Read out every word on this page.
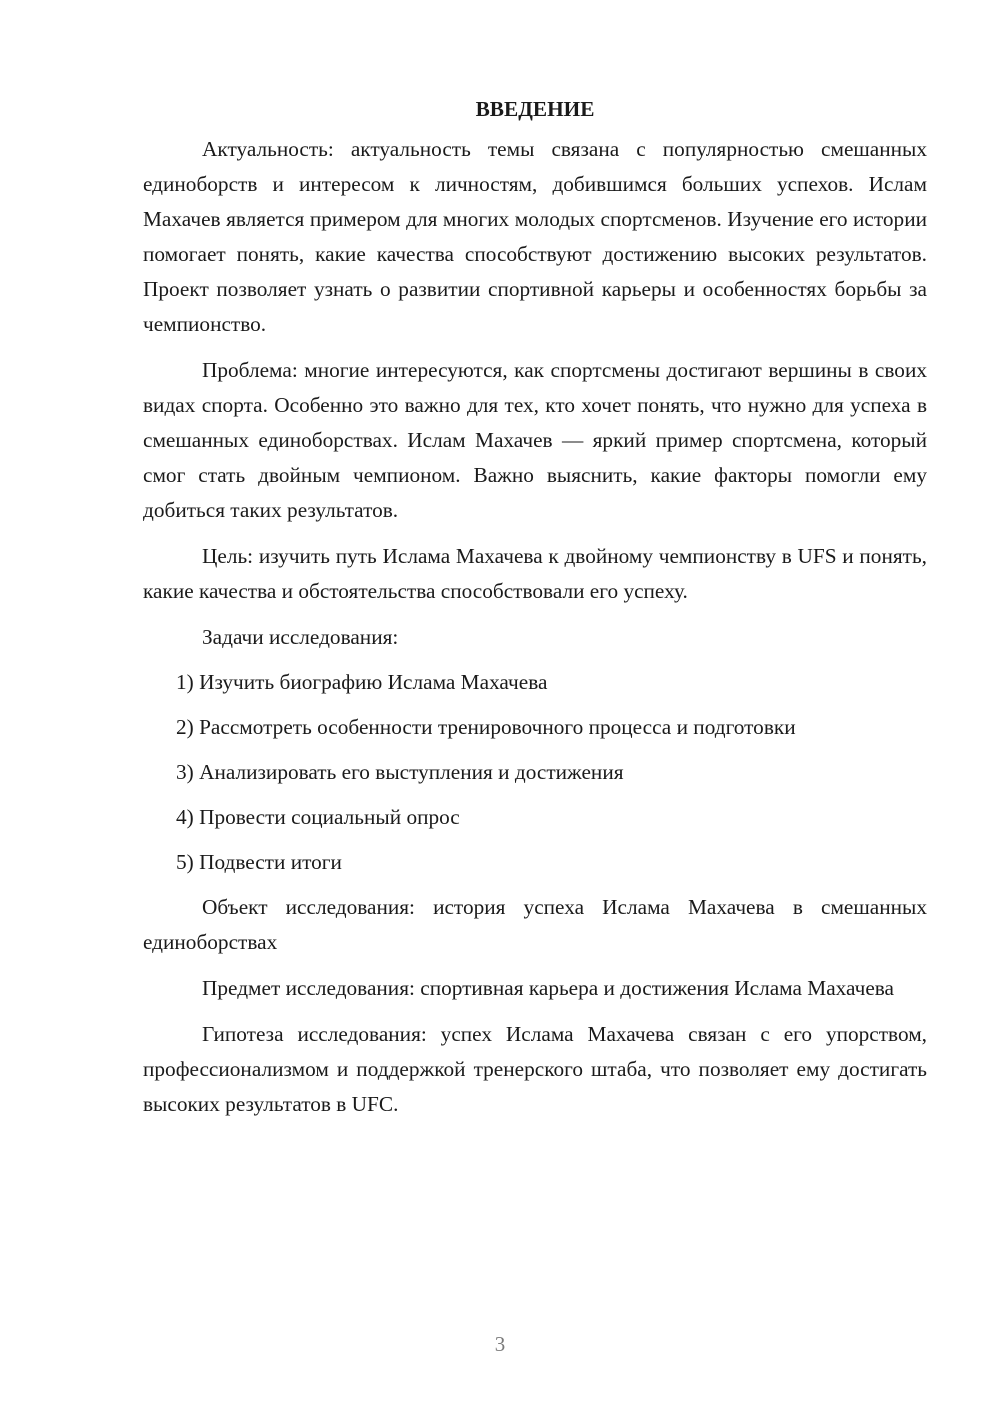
ВВЕДЕНИЕ

Актуальность: актуальность темы связана с популярностью смешанных единоборств и интересом к личностям, добившимся больших успехов. Ислам Махачев является примером для многих молодых спортсменов. Изучение его истории помогает понять, какие качества способствуют достижению высоких результатов. Проект позволяет узнать о развитии спортивной карьеры и особенностях борьбы за чемпионство.

Проблема: многие интересуются, как спортсмены достигают вершины в своих видах спорта. Особенно это важно для тех, кто хочет понять, что нужно для успеха в смешанных единоборствах. Ислам Махачев — яркий пример спортсмена, который смог стать двойным чемпионом. Важно выяснить, какие факторы помогли ему добиться таких результатов.

Цель: изучить путь Ислама Махачева к двойному чемпионству в UFS и понять, какие качества и обстоятельства способствовали его успеху.

Задачи исследования:
1) Изучить биографию Ислама Махачева
2) Рассмотреть особенности тренировочного процесса и подготовки
3) Анализировать его выступления и достижения
4) Провести социальный опрос
5) Подвести итоги

Объект исследования: история успеха Ислама Махачева в смешанных единоборствах

Предмет исследования: спортивная карьера и достижения Ислама Махачева

Гипотеза исследования: успех Ислама Махачева связан с его упорством, профессионализмом и поддержкой тренерского штаба, что позволяет ему достигать высоких результатов в UFC.

3
